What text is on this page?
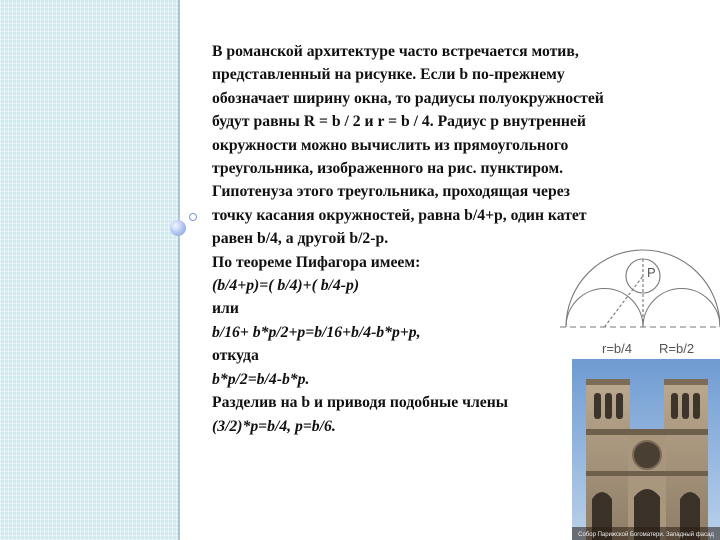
В романской архитектуре часто встречается мотив,
представленный на рисунке. Если b по-прежнему
обозначает ширину окна, то радиусы полуокружностей
будут равны R = b / 2 и r = b / 4. Радиус p внутренней
окружности можно вычислить из прямоугольного
треугольника, изображенного на рис. пунктиром.
Гипотенуза этого треугольника, проходящая через
точку касания окружностей, равна b/4+p, один катет
равен b/4, а другой b/2-p.
По теореме Пифагора имеем:
(b/4+p)=( b/4)+( b/4-p)
или
b/16+ b*p/2+p=b/16+b/4-b*p+p,
откуда
b*p/2=b/4-b*p.
Разделив на b и приводя подобные члены
(3/2)*p=b/4, p=b/6.
P
r=b/4 R=b/2
Собор Парижской Богоматери. Западный фасад
